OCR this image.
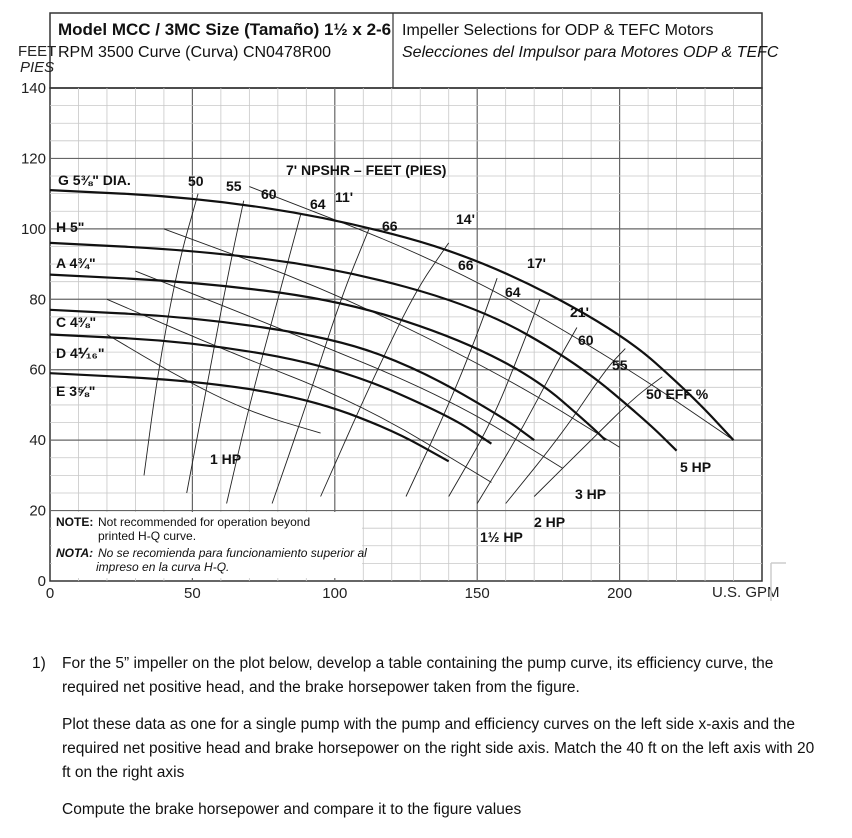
Model MCC / 3MC Size (Tamaño) 1½ x 2-6
RPM 3500 Curve (Curva) CN0478R00
Impeller Selections for ODP & TEFC Motors
Selecciones del Impulsor para Motores ODP & TEFC
FEET
PIES
0
20
40
60
80
100
120
140
0	50	100	150	200
G 5⅜" DIA.
H 5"
A 4¾"
C 4⅜"
D 4⅟₁₆"
E 3⅝"
50 55 60
64
66
66
64
60
55
50 EFF %
7' NPSHR – FEET (PIES)
11'
14'
17'
21'
1 HP
1½ HP
2 HP
3 HP
5 HP
NOTE: Not recommended for operation beyond
printed H-Q curve.
NOTA: No se recomienda para funcionamiento superior al
impreso en la curva H-Q.
U.S. GPM
1) For the 5” impeller on the plot below, develop a table containing the pump curve, its efficiency curve, the required net positive head, and the brake horsepower taken from the figure.

Plot these data as one for a single pump with the pump and efficiency curves on the left side x-axis and the required net positive head and brake horsepower on the right side axis. Match the 40 ft on the left axis with 20 ft on the right axis

Compute the brake horsepower and compare it to the figure values
